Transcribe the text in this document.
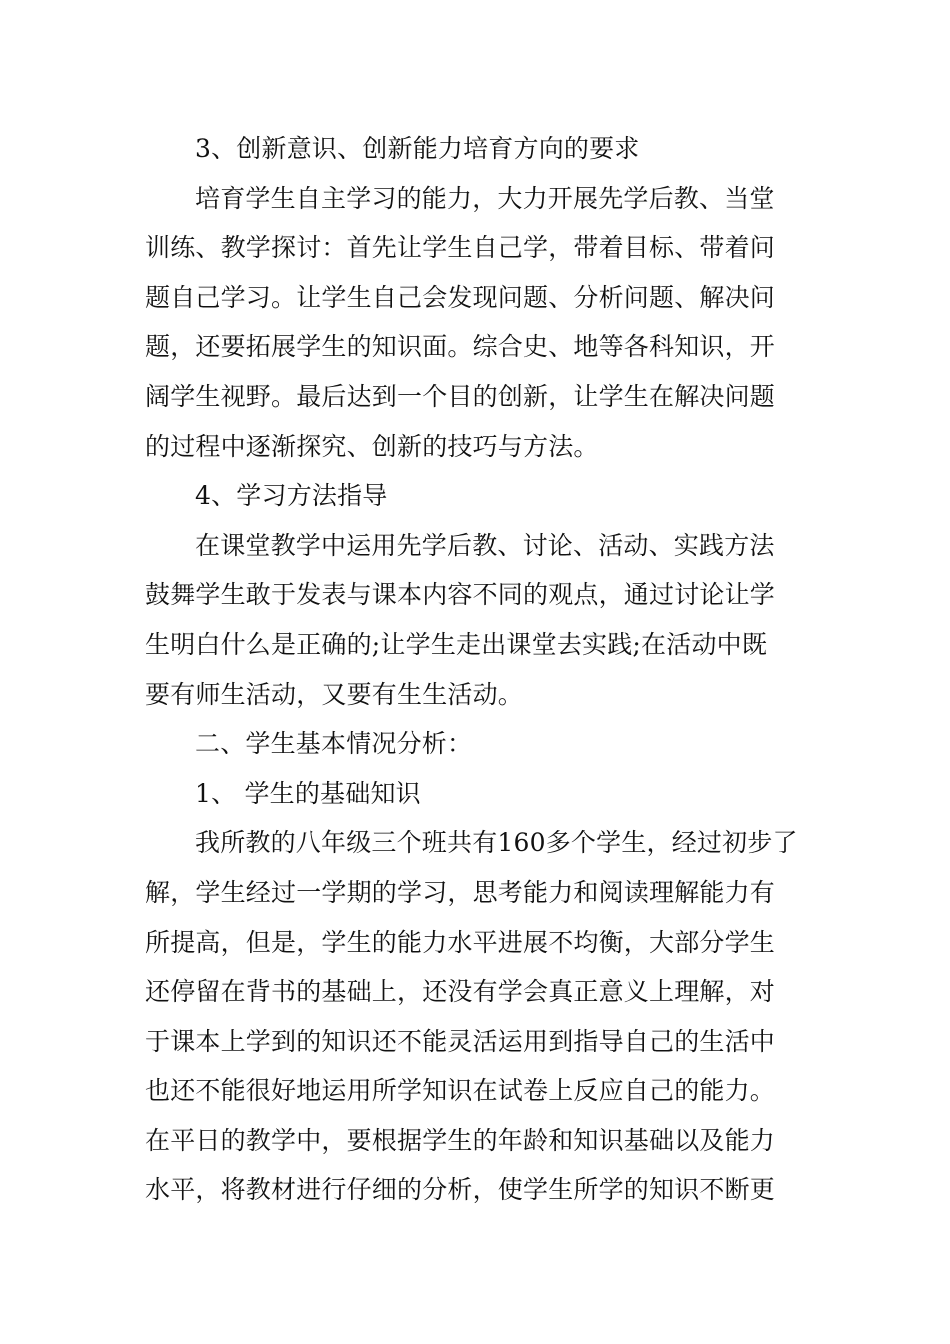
3、创新意识、创新能力培育方向的要求
培育学生自主学习的能力，大力开展先学后教、当堂
训练、教学探讨：首先让学生自己学，带着目标、带着问
题自己学习。让学生自己会发现问题、分析问题、解决问
题，还要拓展学生的知识面。综合史、地等各科知识，开
阔学生视野。最后达到一个目的创新，让学生在解决问题
的过程中逐渐探究、创新的技巧与方法。
4、学习方法指导
在课堂教学中运用先学后教、讨论、活动、实践方法
鼓舞学生敢于发表与课本内容不同的观点，通过讨论让学
生明白什么是正确的;让学生走出课堂去实践;在活动中既
要有师生活动，又要有生生活动。
二、学生基本情况分析：
1、 学生的基础知识
我所教的八年级三个班共有160多个学生，经过初步了
解，学生经过一学期的学习，思考能力和阅读理解能力有
所提高，但是，学生的能力水平进展不均衡，大部分学生
还停留在背书的基础上，还没有学会真正意义上理解，对
于课本上学到的知识还不能灵活运用到指导自己的生活中
也还不能很好地运用所学知识在试卷上反应自己的能力。
在平日的教学中，要根据学生的年龄和知识基础以及能力
水平，将教材进行仔细的分析，使学生所学的知识不断更
